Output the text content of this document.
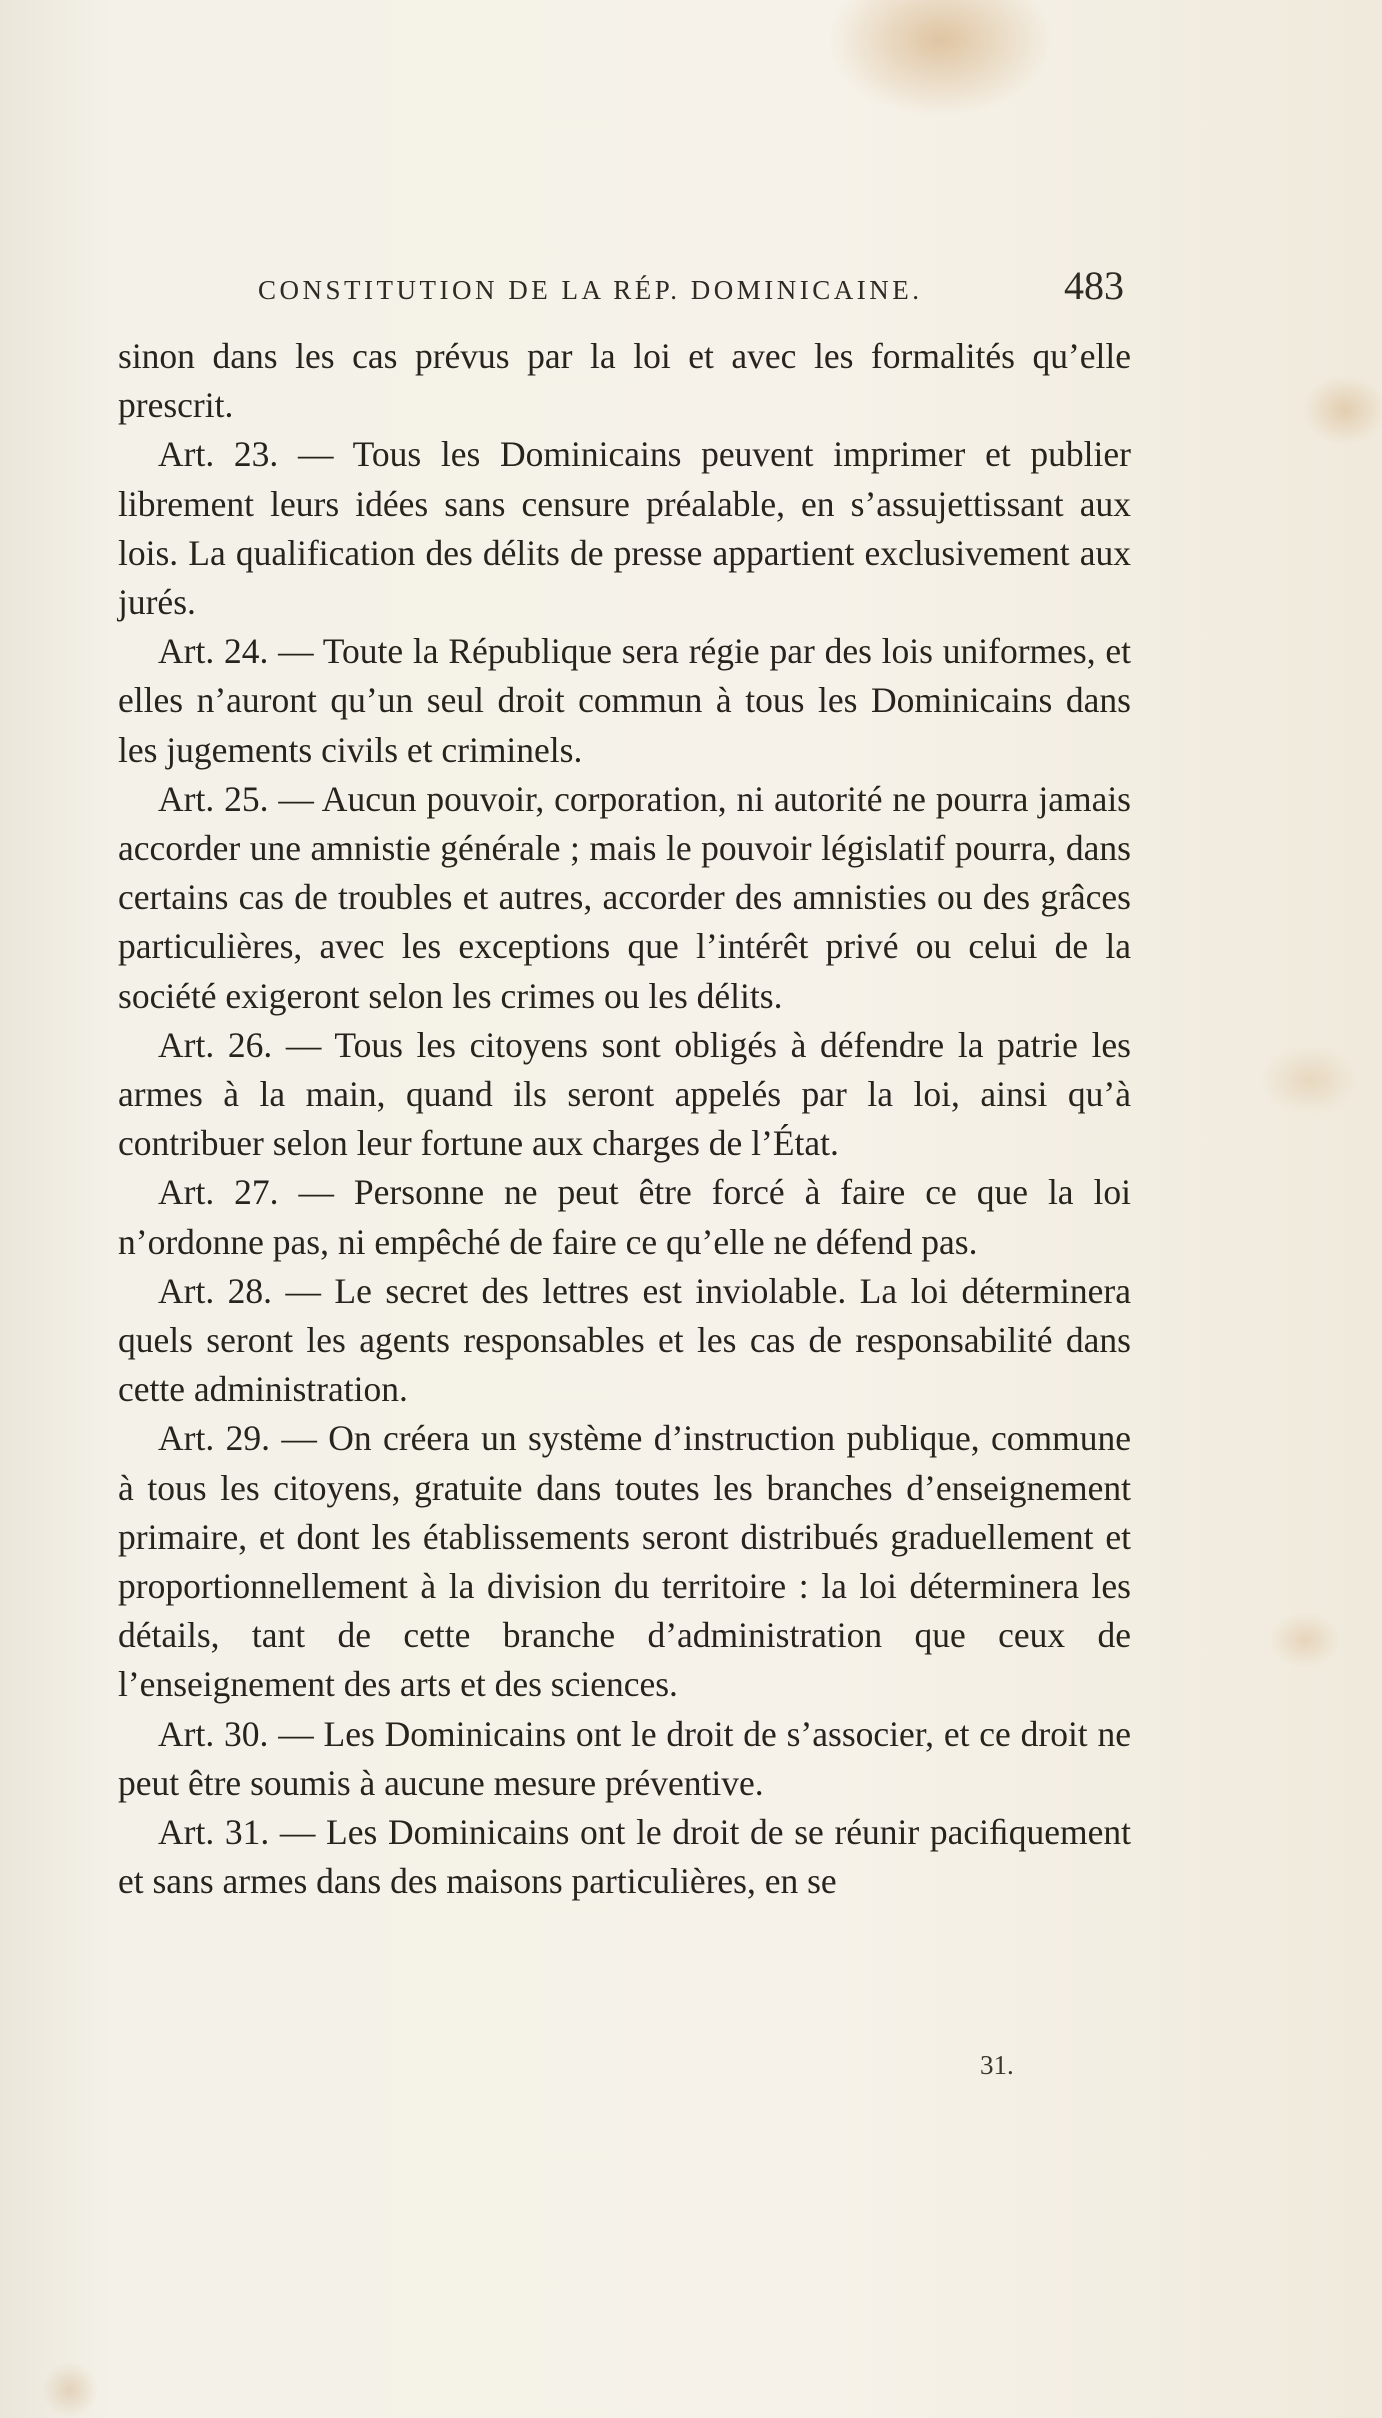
CONSTITUTION DE LA RÉP. DOMINICAINE.	483

sinon dans les cas prévus par la loi et avec les formalités qu’elle prescrit.

Art. 23. — Tous les Dominicains peuvent imprimer et publier librement leurs idées sans censure préalable, en s’assujettissant aux lois. La qualification des délits de presse appartient exclusivement aux jurés.

Art. 24. — Toute la République sera régie par des lois uniformes, et elles n’auront qu’un seul droit commun à tous les Dominicains dans les jugements civils et criminels.

Art. 25. — Aucun pouvoir, corporation, ni autorité ne pourra jamais accorder une amnistie générale ; mais le pouvoir législatif pourra, dans certains cas de troubles et autres, accorder des amnisties ou des grâces particulières, avec les exceptions que l’intérêt privé ou celui de la société exigeront selon les crimes ou les délits.

Art. 26. — Tous les citoyens sont obligés à défendre la patrie les armes à la main, quand ils seront appelés par la loi, ainsi qu’à contribuer selon leur fortune aux charges de l’État.

Art. 27. — Personne ne peut être forcé à faire ce que la loi n’ordonne pas, ni empêché de faire ce qu’elle ne défend pas.

Art. 28. — Le secret des lettres est inviolable. La loi déterminera quels seront les agents responsables et les cas de responsabilité dans cette administration.

Art. 29. — On créera un système d’instruction publique, commune à tous les citoyens, gratuite dans toutes les branches d’enseignement primaire, et dont les établissements seront distribués graduellement et proportionnellement à la division du territoire : la loi déterminera les détails, tant de cette branche d’administration que ceux de l’enseignement des arts et des sciences.

Art. 30. — Les Dominicains ont le droit de s’associer, et ce droit ne peut être soumis à aucune mesure préventive.

Art. 31. — Les Dominicains ont le droit de se réunir paciﬁquement et sans armes dans des maisons particulières, en se

31.
